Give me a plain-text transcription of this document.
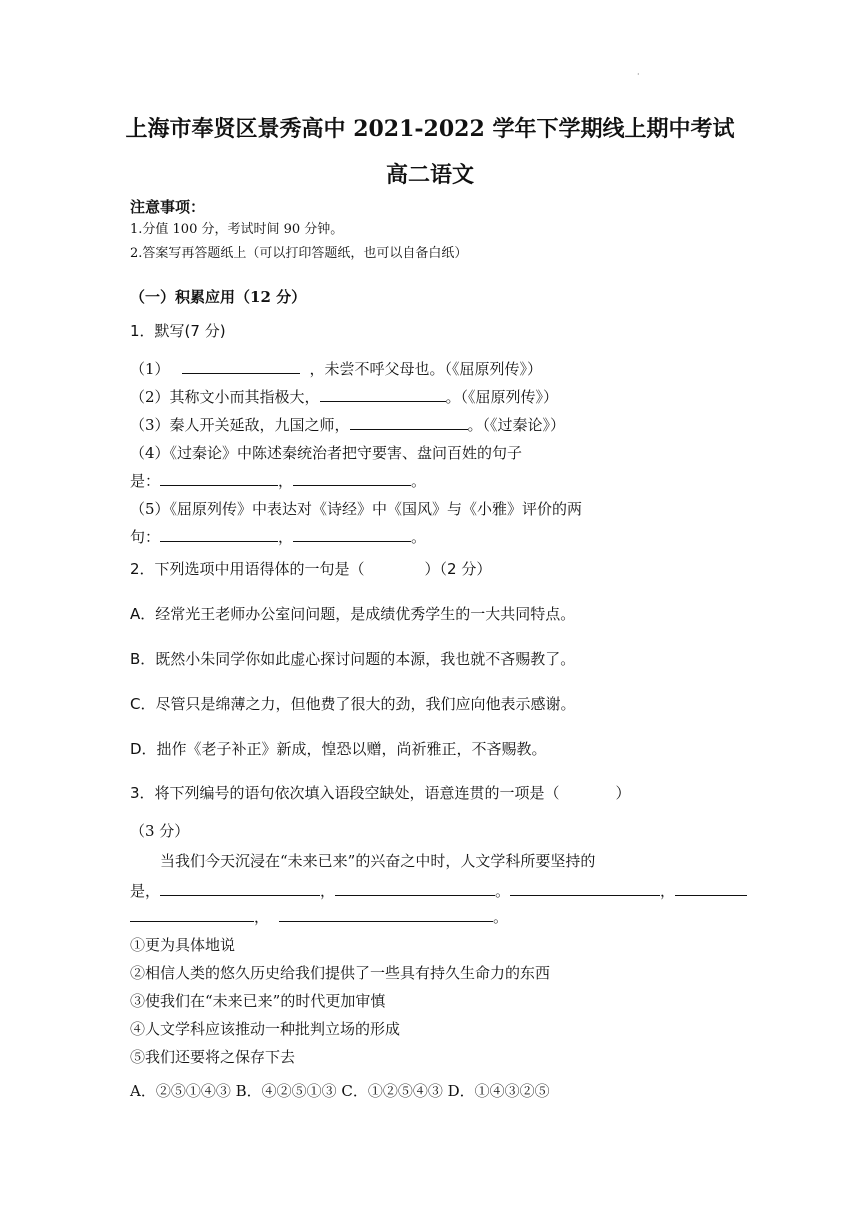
·
上海市奉贤区景秀高中 2021-2022 学年下学期线上期中考试
高二语文
注意事项：
1.分值 100 分，考试时间 90 分钟。
2.答案写再答题纸上（可以打印答题纸，也可以自备白纸）
（一）积累应用（12 分）
1．默写(7 分)
（1）	，未尝不呼父母也。（《屈原列传》）
（2）其称文小而其指极大，	。（《屈原列传》）
（3）秦人开关延敌，九国之师，	。（《过秦论》）
（4）《过秦论》中陈述秦统治者把守要害、盘问百姓的句子
是：	，	。
（5）《屈原列传》中表达对《诗经》中《国风》与《小雅》评价的两
句：	，	。
2．下列选项中用语得体的一句是（	）（2 分）
A．经常光王老师办公室问问题，是成绩优秀学生的一大共同特点。
B．既然小朱同学你如此虚心探讨问题的本源，我也就不吝赐教了。
C．尽管只是绵薄之力，但他费了很大的劲，我们应向他表示感谢。
D．拙作《老子补正》新成，惶恐以赠，尚祈雅正，不吝赐教。
3．将下列编号的语句依次填入语段空缺处，语意连贯的一项是（	）
（3 分）
当我们今天沉浸在“未来已来”的兴奋之中时，人文学科所要坚持的
是，	，	。	，
，	。
①更为具体地说
②相信人类的悠久历史给我们提供了一些具有持久生命力的东西
③使我们在“未来已来”的时代更加审慎
④人文学科应该推动一种批判立场的形成
⑤我们还要将之保存下去
A．②⑤①④③ B．④②⑤①③ C．①②⑤④③ D．①④③②⑤
